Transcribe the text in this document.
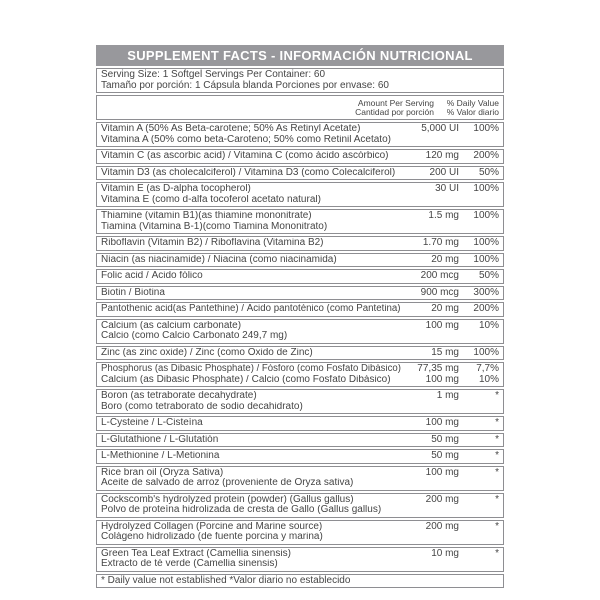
SUPPLEMENT FACTS - INFORMACIÓN NUTRICIONAL
Serving Size: 1 Softgel Servings Per Container: 60
Tamaño por porción: 1 Cápsula blanda Porciones por envase: 60
Amount Per Serving	% Daily Value
Cantidad por porción	% Valor diario
Vitamin A (50% As Beta-carotene; 50% As Retinyl Acetate)	5,000 UI	100%
Vitamina A (50% como beta-Caroteno; 50% como Retinil Acetato)
Vitamin C (as ascorbic acid) / Vitamina C (como ácido ascórbico)	120 mg	200%
Vitamin D3 (as cholecalciferol) / Vitamina D3 (como Colecalciferol)	200 UI	50%
Vitamin E (as D-alpha tocopherol)	30 UI	100%
Vitamina E (como d-alfa tocoferol acetato natural)
Thiamine (vitamin B1)(as thiamine mononitrate)	1.5 mg	100%
Tiamina (Vitamina B-1)(como Tiamina Mononitrato)
Riboflavin (Vitamin B2) / Riboflavina (Vitamina B2)	1.70 mg	100%
Niacin (as niacinamide) / Niacina (como niacinamida)	20 mg	100%
Folic acid / Ácido fólico	200 mcg	50%
Biotin / Biotina	900 mcg	300%
Pantothenic acid(as Pantethine) / Ácido pantoténico (como Pantetina)	20 mg	200%
Calcium (as calcium carbonate)	100 mg	10%
Calcio (como Calcio Carbonato 249,7 mg)
Zinc (as zinc oxide) / Zinc (como Óxido de Zinc)	15 mg	100%
Phosphorus (as Dibasic Phosphate) / Fósforo (como Fosfato Dibásico)	77,35 mg	7,7%
Calcium (as Dibasic Phosphate) / Calcio (como Fosfato Dibásico)	100 mg	10%
Boron (as tetraborate decahydrate)	1 mg	*
Boro (como tetraborato de sodio decahidrato)
L-Cysteine / L-Cisteína	100 mg	*
L-Glutathione / L-Glutatión	50 mg	*
L-Methionine / L-Metionina	50 mg	*
Rice bran oil (Oryza Sativa)	100 mg	*
Aceite de salvado de arroz (proveniente de Oryza sativa)
Cockscomb's hydrolyzed protein (powder) (Gallus gallus)	200 mg	*
Polvo de proteína hidrolizada de cresta de Gallo (Gallus gallus)
Hydrolyzed Collagen (Porcine and Marine source)	200 mg	*
Colágeno hidrolizado (de fuente porcina y marina)
Green Tea Leaf Extract (Camellia sinensis)	10 mg	*
Extracto de té verde (Camellia sinensis)
* Daily value not established *Valor diario no establecido
